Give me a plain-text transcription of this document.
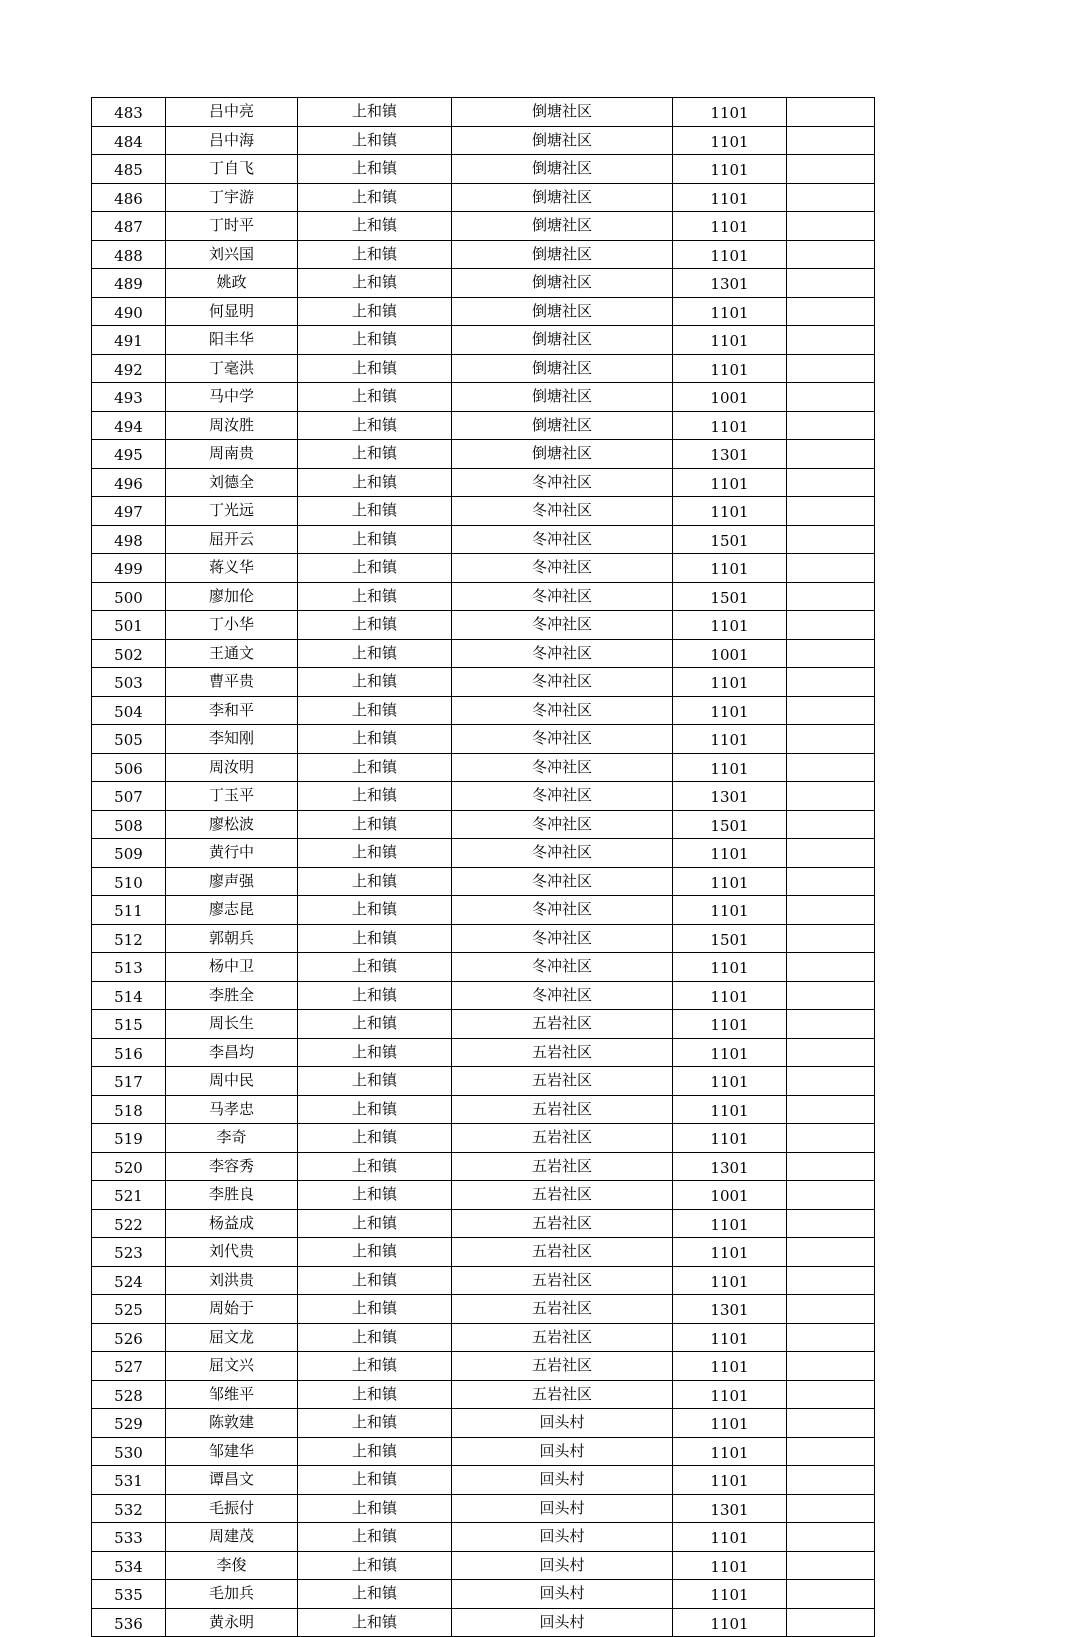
483	吕中亮	上和镇	倒塘社区	1101	
484	吕中海	上和镇	倒塘社区	1101	
485	丁自飞	上和镇	倒塘社区	1101	
486	丁宇游	上和镇	倒塘社区	1101	
487	丁时平	上和镇	倒塘社区	1101	
488	刘兴国	上和镇	倒塘社区	1101	
489	姚政	上和镇	倒塘社区	1301	
490	何显明	上和镇	倒塘社区	1101	
491	阳丰华	上和镇	倒塘社区	1101	
492	丁毫洪	上和镇	倒塘社区	1101	
493	马中学	上和镇	倒塘社区	1001	
494	周汝胜	上和镇	倒塘社区	1101	
495	周南贵	上和镇	倒塘社区	1301	
496	刘德全	上和镇	冬冲社区	1101	
497	丁光远	上和镇	冬冲社区	1101	
498	屈开云	上和镇	冬冲社区	1501	
499	蒋义华	上和镇	冬冲社区	1101	
500	廖加伦	上和镇	冬冲社区	1501	
501	丁小华	上和镇	冬冲社区	1101	
502	王通文	上和镇	冬冲社区	1001	
503	曹平贵	上和镇	冬冲社区	1101	
504	李和平	上和镇	冬冲社区	1101	
505	李知刚	上和镇	冬冲社区	1101	
506	周汝明	上和镇	冬冲社区	1101	
507	丁玉平	上和镇	冬冲社区	1301	
508	廖松波	上和镇	冬冲社区	1501	
509	黄行中	上和镇	冬冲社区	1101	
510	廖声强	上和镇	冬冲社区	1101	
511	廖志昆	上和镇	冬冲社区	1101	
512	郭朝兵	上和镇	冬冲社区	1501	
513	杨中卫	上和镇	冬冲社区	1101	
514	李胜全	上和镇	冬冲社区	1101	
515	周长生	上和镇	五岩社区	1101	
516	李昌均	上和镇	五岩社区	1101	
517	周中民	上和镇	五岩社区	1101	
518	马孝忠	上和镇	五岩社区	1101	
519	李奇	上和镇	五岩社区	1101	
520	李容秀	上和镇	五岩社区	1301	
521	李胜良	上和镇	五岩社区	1001	
522	杨益成	上和镇	五岩社区	1101	
523	刘代贵	上和镇	五岩社区	1101	
524	刘洪贵	上和镇	五岩社区	1101	
525	周始于	上和镇	五岩社区	1301	
526	屈文龙	上和镇	五岩社区	1101	
527	屈文兴	上和镇	五岩社区	1101	
528	邹维平	上和镇	五岩社区	1101	
529	陈敦建	上和镇	回头村	1101	
530	邹建华	上和镇	回头村	1101	
531	谭昌文	上和镇	回头村	1101	
532	毛振付	上和镇	回头村	1301	
533	周建茂	上和镇	回头村	1101	
534	李俊	上和镇	回头村	1101	
535	毛加兵	上和镇	回头村	1101	
536	黄永明	上和镇	回头村	1101	
